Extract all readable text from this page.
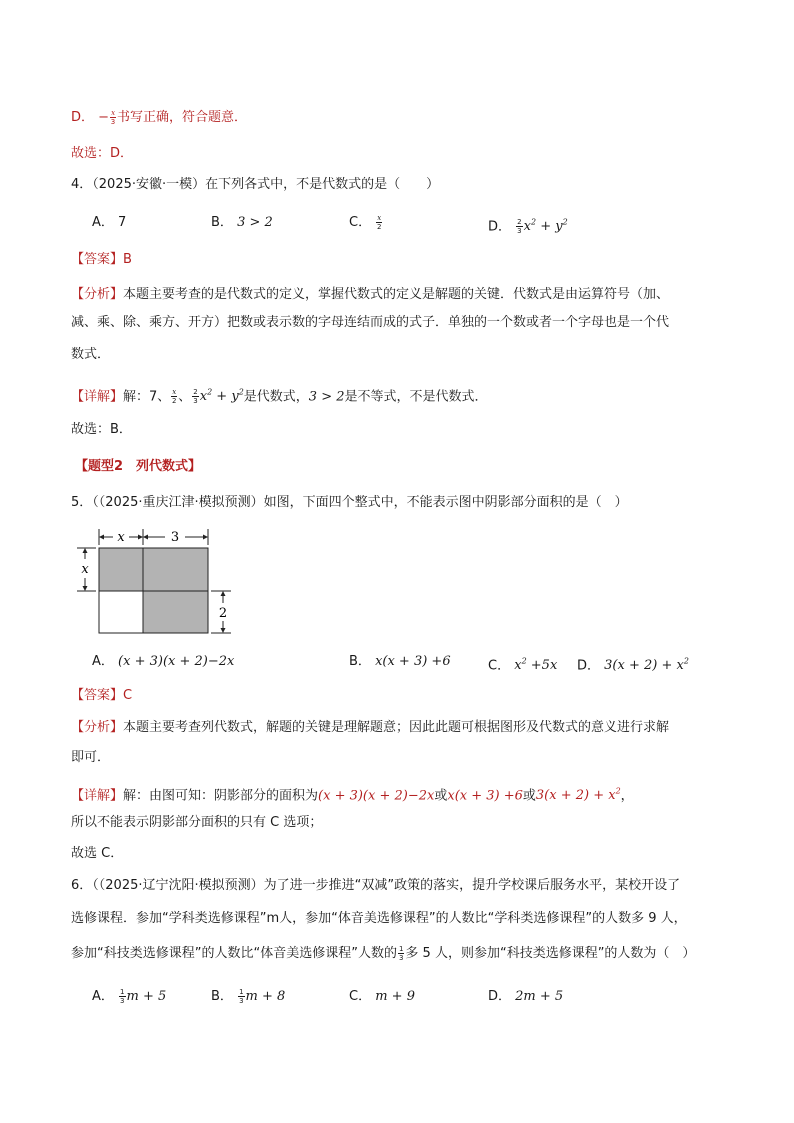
D． − $\frac{x}{3}$ 书写正确，符合题意．
故选：D．
4．（2025·安徽·一模）在下列各式中，不是代数式的是（　　）
A． 7	B． 3 > 2	C． $\frac{x}{2}$	D． $\frac{2}{3} x^2 + y^2$
【答案】B
【分析】本题主要考查的是代数式的定义，掌握代数式的定义是解题的关键．代数式是由运算符号（加、
减、乘、除、乘方、开方）把数或表示数的字母连结而成的式子．单独的一个数或者一个字母也是一个代
数式．
【详解】解：7、 $\frac{x}{2}$ 、 $\frac{2}{3} x^2 + y^2$是代数式，3 > 2是不等式，不是代数式．
故选：B．
【题型2　列代数式】
5．（（2025·重庆江津·模拟预测）如图，下面四个整式中，不能表示图中阴影部分面积的是（　）
x	3
x
2
A． (x + 3)(x + 2)−2x	B． x(x + 3) +6	C． $x^2 +5x$ D． $3(x + 2) + x^2$
【答案】C
【分析】本题主要考查列代数式，解题的关键是理解题意；因此此题可根据图形及代数式的意义进行求解
即可．
【详解】解：由图可知：阴影部分的面积为(x + 3)(x + 2)−2x或x(x + 3) +6或$3(x + 2) + x^2$，
所以不能表示阴影部分面积的只有 C 选项；
故选 C．
6．（（2025·辽宁沈阳·模拟预测）为了进一步推进“双减”政策的落实，提升学校课后服务水平，某校开设了
选修课程．参加“学科类选修课程”m人，参加“体音美选修课程”的人数比“学科类选修课程”的人数多 9 人，
参加“科技类选修课程”的人数比“体音美选修课程”人数的 $\frac{1}{3}$ 多 5 人，则参加“科技类选修课程”的人数为（　）
A． $\frac{1}{3}$ m + 5	B． $\frac{1}{3}$ m + 8	C． m + 9	D． 2m + 5
